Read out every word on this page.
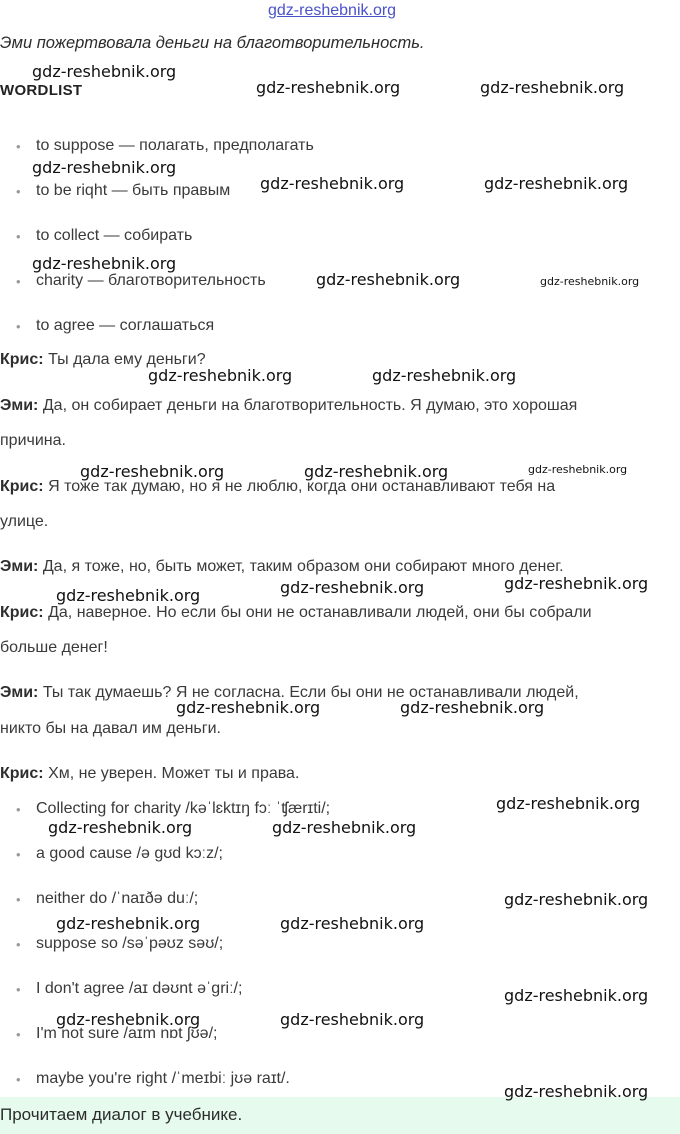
gdz-reshebnik.org
Эми пожертвовала деньги на благотворительность.
WORDLIST
• to suppose — полагать, предполагать
• to be riqht — быть правым
• to collect — собирать
• charity — благотворительность
• to agree — соглашаться
Крис: Ты дала ему деньги?
Эми: Да, он собирает деньги на благотворительность. Я думаю, это хорошая
причина.
Крис: Я тоже так думаю, но я не люблю, когда они останавливают тебя на
улице.
Эми: Да, я тоже, но, быть может, таким образом они собирают много денег.
Крис: Да, наверное. Но если бы они не останавливали людей, они бы собрали
больше денег!
Эми: Ты так думаешь? Я не согласна. Если бы они не останавливали людей,
никто бы на давал им деньги.
Крис: Хм, не уверен. Может ты и права.
• Collecting for charity /kəˈlɛktɪŋ fɔː ˈʧærɪti/;
• a good cause /ə gʊd kɔːz/;
• neither do /ˈnaɪðə duː/;
• suppose so /səˈpəʊz səʊ/;
• I don't agree /aɪ dəʊnt əˈgriː/;
• I'm not sure /aɪm nɒt ʃʊə/;
• maybe you're right /ˈmeɪbiː jʊə raɪt/.
Прочитаем диалог в учебнике.
gdz-reshebnik.org
gdz-reshebnik.org	gdz-reshebnik.org
gdz-reshebnik.org
gdz-reshebnik.org	gdz-reshebnik.org
gdz-reshebnik.org
gdz-reshebnik.org	gdz-reshebnik.org
gdz-reshebnik.org	gdz-reshebnik.org
gdz-reshebnik.org	gdz-reshebnik.org	gdz-reshebnik.org
gdz-reshebnik.org	gdz-reshebnik.org	gdz-reshebnik.org
gdz-reshebnik.org	gdz-reshebnik.org
gdz-reshebnik.org
gdz-reshebnik.org	gdz-reshebnik.org
gdz-reshebnik.org
gdz-reshebnik.org	gdz-reshebnik.org
gdz-reshebnik.org
gdz-reshebnik.org	gdz-reshebnik.org
gdz-reshebnik.org
